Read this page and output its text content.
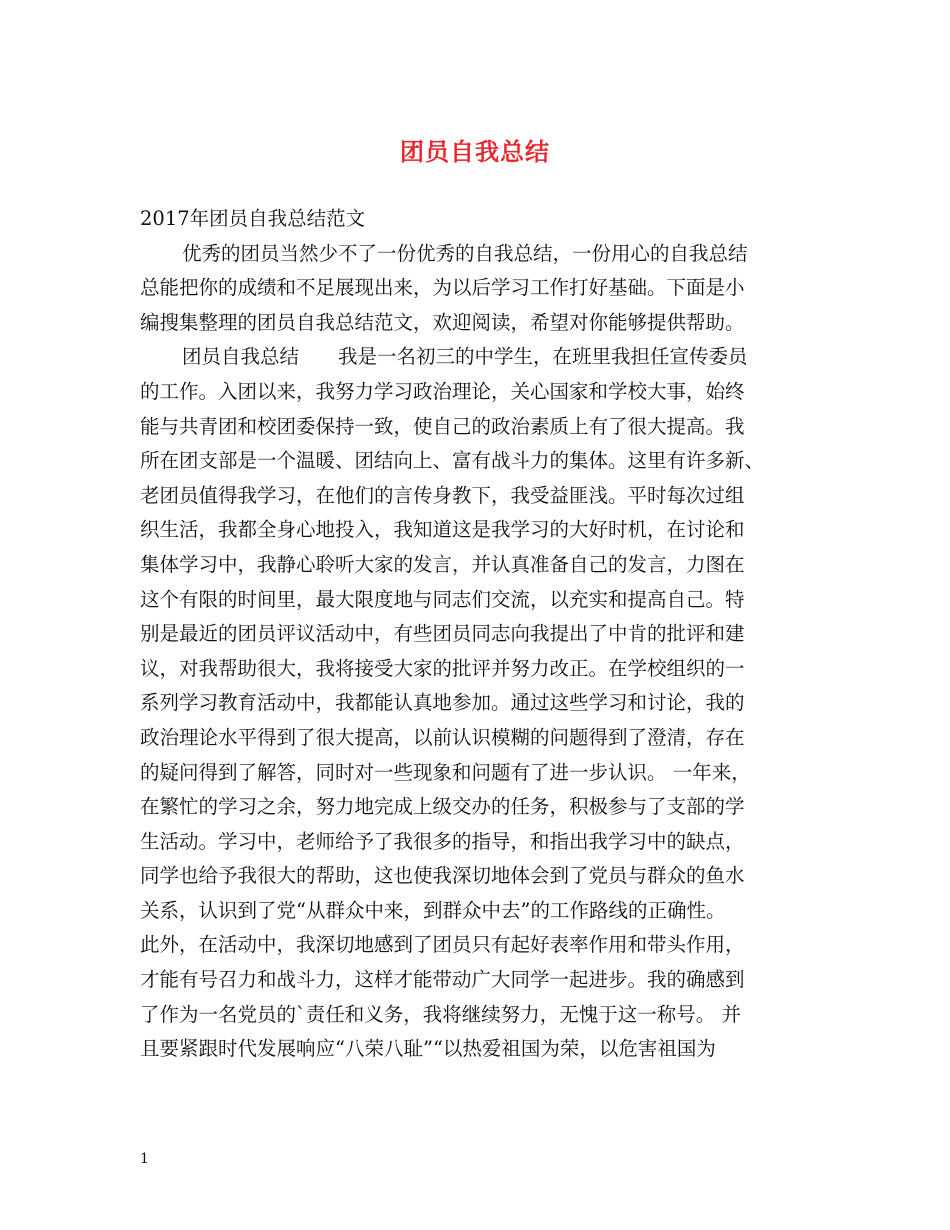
团员自我总结
2017年团员自我总结范文
优秀的团员当然少不了一份优秀的自我总结，一份用心的自我总结
总能把你的成绩和不足展现出来，为以后学习工作打好基础。下面是小
编搜集整理的团员自我总结范文，欢迎阅读，希望对你能够提供帮助。
团员自我总结　　我是一名初三的中学生，在班里我担任宣传委员
的工作。入团以来，我努力学习政治理论，关心国家和学校大事，始终
能与共青团和校团委保持一致，使自己的政治素质上有了很大提高。我
所在团支部是一个温暖、团结向上、富有战斗力的集体。这里有许多新、
老团员值得我学习，在他们的言传身教下，我受益匪浅。平时每次过组
织生活，我都全身心地投入，我知道这是我学习的大好时机，在讨论和
集体学习中，我静心聆听大家的发言，并认真准备自己的发言，力图在
这个有限的时间里，最大限度地与同志们交流，以充实和提高自己。特
别是最近的团员评议活动中，有些团员同志向我提出了中肯的批评和建
议，对我帮助很大，我将接受大家的批评并努力改正。在学校组织的一
系列学习教育活动中，我都能认真地参加。通过这些学习和讨论，我的
政治理论水平得到了很大提高，以前认识模糊的问题得到了澄清，存在
的疑问得到了解答，同时对一些现象和问题有了进一步认识。 一年来，
在繁忙的学习之余，努力地完成上级交办的任务，积极参与了支部的学
生活动。学习中，老师给予了我很多的指导，和指出我学习中的缺点，
同学也给予我很大的帮助，这也使我深切地体会到了党员与群众的鱼水
关系，认识到了党“从群众中来，到群众中去”的工作路线的正确性。
此外，在活动中，我深切地感到了团员只有起好表率作用和带头作用，
才能有号召力和战斗力，这样才能带动广大同学一起进步。我的确感到
了作为一名党员的`责任和义务，我将继续努力，无愧于这一称号。 并
且要紧跟时代发展响应“八荣八耻”“以热爱祖国为荣，以危害祖国为
1
